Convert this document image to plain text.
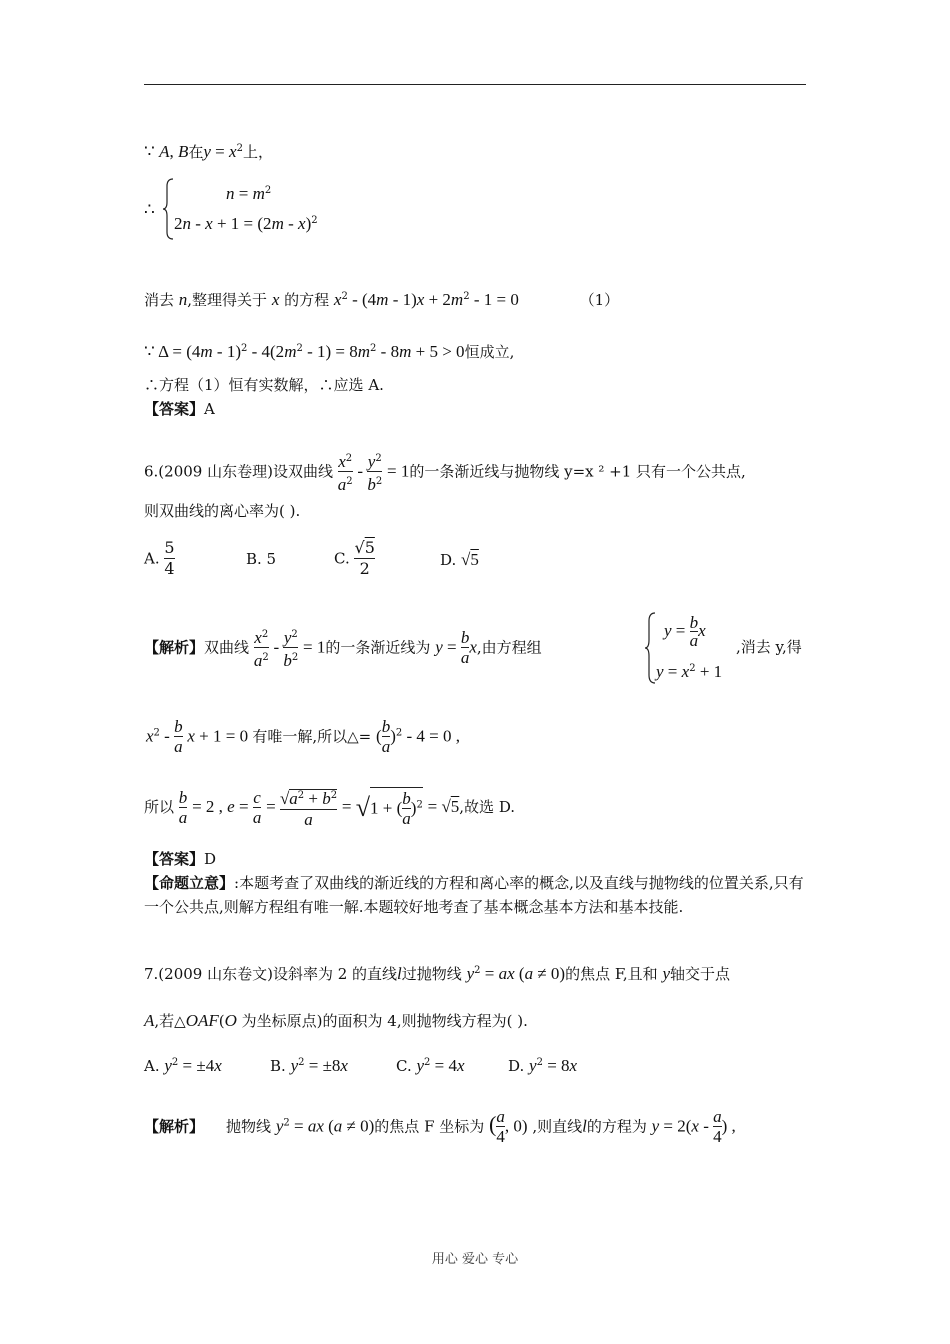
∵ A, B在$y = x^2$上，
∴
$n = m^2$
2n - x + 1 = (2m - x)$^2$
消去 n,整理得关于 x 的方程 $x^2 - (4m - 1)x + 2m^2 - 1 = 0$	（1）
∵ $\Delta = (4m - 1)^2 - 4(2m^2 - 1) = 8m^2 - 8m + 5 > 0$恒成立,
∴方程（1）恒有实数解，∴应选 A.
【答案】A
6.(2009 山东卷理)设双曲线 $\frac{x^2}{a^2} - \frac{y^2}{b^2} = 1$的一条渐近线与抛物线 y=x ² +1 只有一个公共点,
则双曲线的离心率为( ).
A. $\frac{5}{4}$	B. 5	C. $\frac{√5}{2}$	D. √5
【解析】双曲线 $\frac{x^2}{a^2} - \frac{y^2}{b^2} = 1$的一条渐近线为 $y = \frac{b}{a} x$,由方程组
$y = \frac{b}{a}$ x
$y = x^2 + 1$
,消去 y,得
$x^2 - \frac{b}{a}$ x + 1 = 0 有唯一解,所以△= ( $\frac{b}{a} )^2 - 4 = 0$ ,
所以 $\frac{b}{a} = 2$ , $e = \frac{c}{a} = \frac{√a^2 + b^2}{a} = √1$ + ( $\frac{b}{a} )^2 = √5$,故选 D.
【答案】D
【命题立意】:本题考查了双曲线的渐近线的方程和离心率的概念,以及直线与抛物线的位置关系,只有一个公共点,则解方程组有唯一解.本题较好地考查了基本概念基本方法和基本技能.
7.(2009 山东卷文)设斜率为 2 的直线l过抛物线 $y^2$ = ax (a ≠ 0)的焦点 F,且和 y轴交于点
A,若△OAF(O 为坐标原点)的面积为 4,则抛物线方程为( ).
A. $y^2 = \pm 4x$	B. $y^2 = \pm 8x$	C. $y^2 = 4x$	D. $y^2 = 8x$
【解析】 抛物线 $y^2$ = ax (a ≠ 0)的焦点 F 坐标为 ( $\frac{a}{4}$ , 0) ,则直线l的方程为 $y = 2(x - \frac{a}{4}$ ) ,
用心 爱心 专心
